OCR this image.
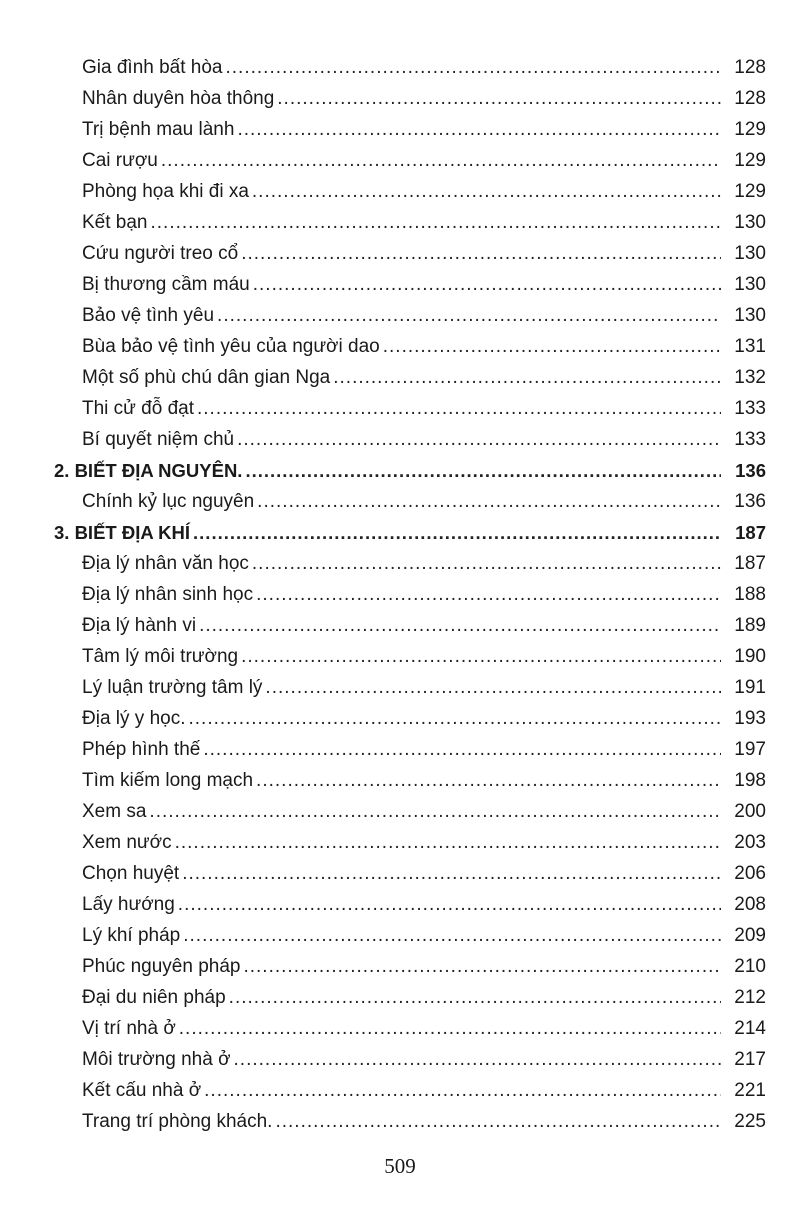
Gia đình bất hòa .....	128
Nhân duyên hòa thông .....	128
Trị bệnh mau lành .....	129
Cai rượu .....	129
Phòng họa khi đi xa .....	129
Kết bạn .....	130
Cứu người treo cổ .....	130
Bị thương cầm máu .....	130
Bảo vệ tình yêu .....	130
Bùa bảo vệ tình yêu của người dao .....	131
Một số phù chú dân gian Nga .....	132
Thi cử đỗ đạt .....	133
Bí quyết niệm chủ .....	133
2. BIẾT ĐỊA NGUYÊN. .....	136
Chính kỷ lục nguyên .....	136
3. BIẾT ĐỊA KHÍ .....	187
Địa lý nhân văn học .....	187
Địa lý nhân sinh học .....	188
Địa lý hành vi .....	189
Tâm lý môi trường .....	190
Lý luận trường tâm lý .....	191
Địa lý y học. .....	193
Phép hình thế .....	197
Tìm kiếm long mạch .....	198
Xem sa .....	200
Xem nước .....	203
Chọn huyệt .....	206
Lấy hướng .....	208
Lý khí pháp .....	209
Phúc nguyên pháp .....	210
Đại du niên pháp .....	212
Vị trí nhà ở .....	214
Môi trường nhà ở .....	217
Kết cấu nhà ở .....	221
Trang trí phòng khách. .....	225
509
